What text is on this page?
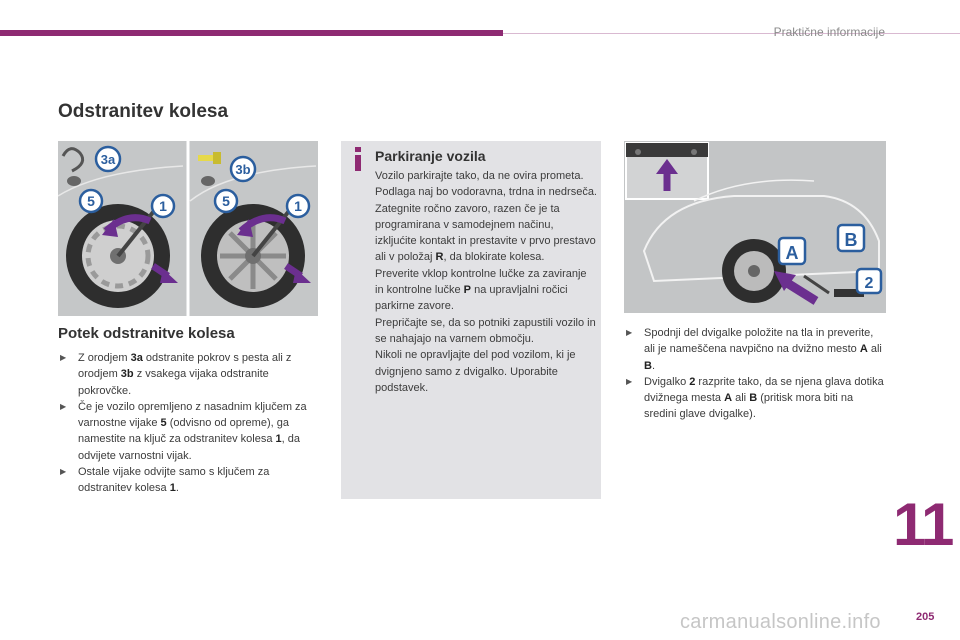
Praktične informacije
Odstranitev kolesa
3a
5	1
3b
5	1
Potek odstranitve kolesa
▶ Z orodjem 3a odstranite pokrov s pesta ali z orodjem 3b z vsakega vijaka odstranite pokrovčke.
▶ Če je vozilo opremljeno z nasadnim ključem za varnostne vijake 5 (odvisno od opreme), ga namestite na ključ za odstranitev kolesa 1, da odvijete varnostni vijak.
▶ Ostale vijake odvijte samo s ključem za odstranitev kolesa 1.
Parkiranje vozila

Vozilo parkirajte tako, da ne ovira prometa. Podlaga naj bo vodoravna, trdna in nedrseča.

Zategnite ročno zavoro, razen če je ta programirana v samodejnem načinu, izkljućite kontakt in prestavite v prvo prestavo ali v položaj R, da blokirate kolesa.

Preverite vklop kontrolne lučke za zaviranje in kontrolne lučke P na upravljalni ročici parkirne zavore.

Prepričajte se, da so potniki zapustili vozilo in se nahajajo na varnem območju.

Nikoli ne opravljajte del pod vozilom, ki je dvignjeno samo z dvigalko. Uporabite podstavek.

A
B
2
▶ Spodnji del dvigalke položite na tla in preverite, ali je nameščena navpično na dvižno mesto A ali B.
▶ Dvigalko 2 razprite tako, da se njena glava dotika dvižnega mesta A ali B (pritisk mora biti na sredini glave dvigalke).
11
carmanualsonline.info	205
